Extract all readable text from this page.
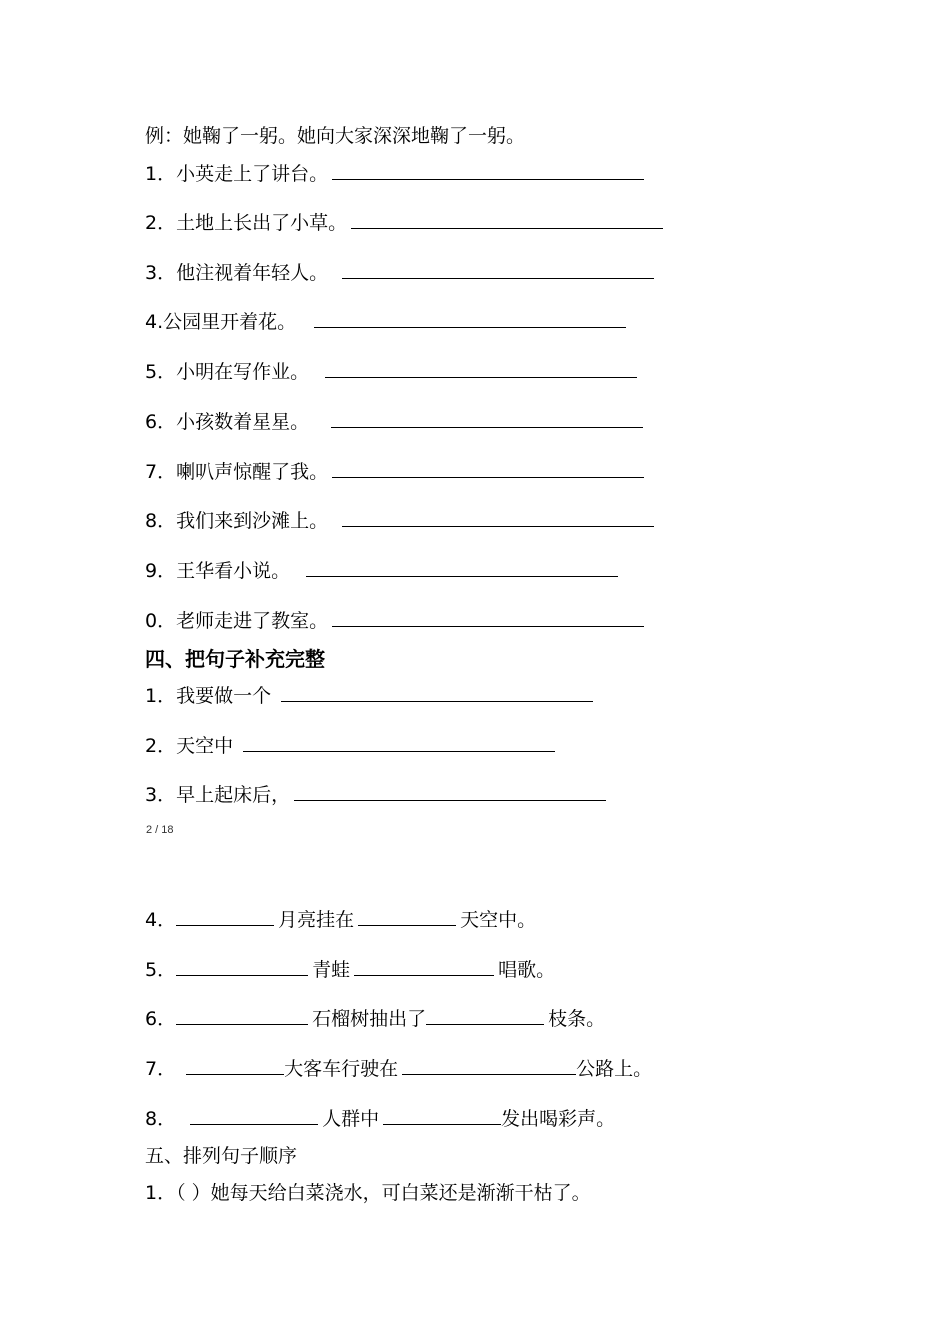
例：她鞠了一躬。她向大家深深地鞠了一躬。
1．小英走上了讲台。
2．土地上长出了小草。
3．他注视着年轻人。
4.公园里开着花。
5．小明在写作业。
6．小孩数着星星。
7．喇叭声惊醒了我。
8．我们来到沙滩上。
9．王华看小说。
0．老师走进了教室。
四、把句子补充完整
1．我要做一个
2．天空中
3．早上起床后，
2 / 18
4．	月亮挂在	天空中。
5．	青蛙	唱歌。
6．	石榴树抽出了	枝条。
7．	大客车行驶在	公路上。
8．	人群中	发出喝彩声。
五、排列句子顺序
1．（ ）她每天给白菜浇水，可白菜还是渐渐干枯了。
